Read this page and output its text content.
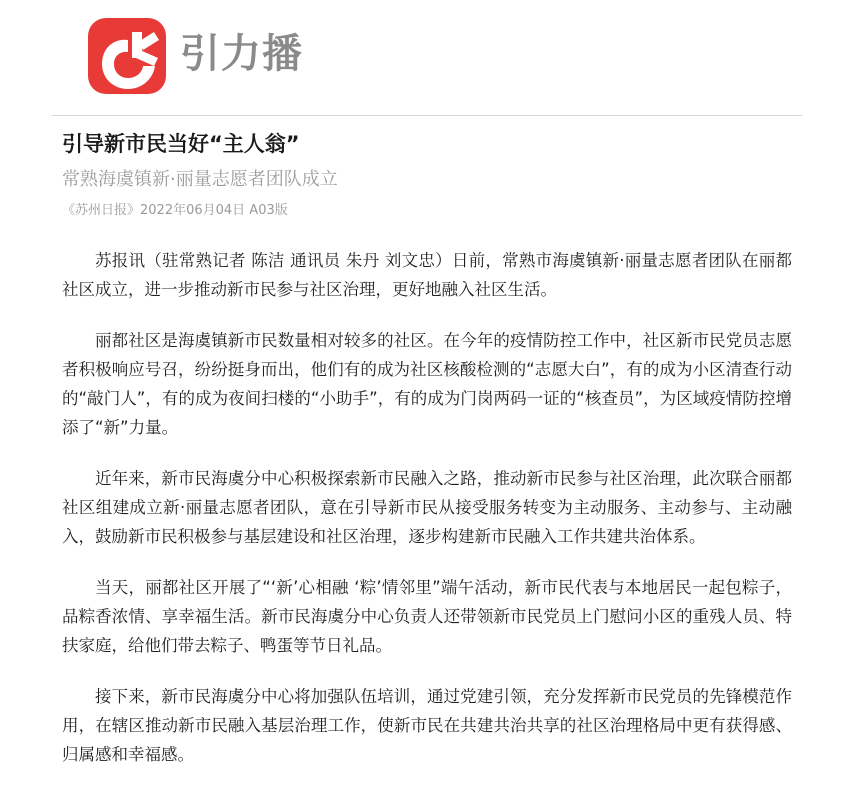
引力播
引导新市民当好“主人翁”
常熟海虞镇新·丽量志愿者团队成立
《苏州日报》2022年06月04日 A03版

苏报讯（驻常熟记者 陈洁 通讯员 朱丹 刘文忠）日前，常熟市海虞镇新·丽量志愿者团队在丽都社区成立，进一步推动新市民参与社区治理，更好地融入社区生活。

丽都社区是海虞镇新市民数量相对较多的社区。在今年的疫情防控工作中，社区新市民党员志愿者积极响应号召，纷纷挺身而出，他们有的成为社区核酸检测的“志愿大白”，有的成为小区清查行动的“敲门人”，有的成为夜间扫楼的“小助手”，有的成为门岗两码一证的“核查员”，为区域疫情防控增添了“新”力量。

近年来，新市民海虞分中心积极探索新市民融入之路，推动新市民参与社区治理，此次联合丽都社区组建成立新·丽量志愿者团队，意在引导新市民从接受服务转变为主动服务、主动参与、主动融入，鼓励新市民积极参与基层建设和社区治理，逐步构建新市民融入工作共建共治体系。

当天，丽都社区开展了“‘新’心相融 ‘粽’情邻里”端午活动，新市民代表与本地居民一起包粽子，品粽香浓情、享幸福生活。新市民海虞分中心负责人还带领新市民党员上门慰问小区的重残人员、特扶家庭，给他们带去粽子、鸭蛋等节日礼品。

接下来，新市民海虞分中心将加强队伍培训，通过党建引领，充分发挥新市民党员的先锋模范作用，在辖区推动新市民融入基层治理工作，使新市民在共建共治共享的社区治理格局中更有获得感、归属感和幸福感。
